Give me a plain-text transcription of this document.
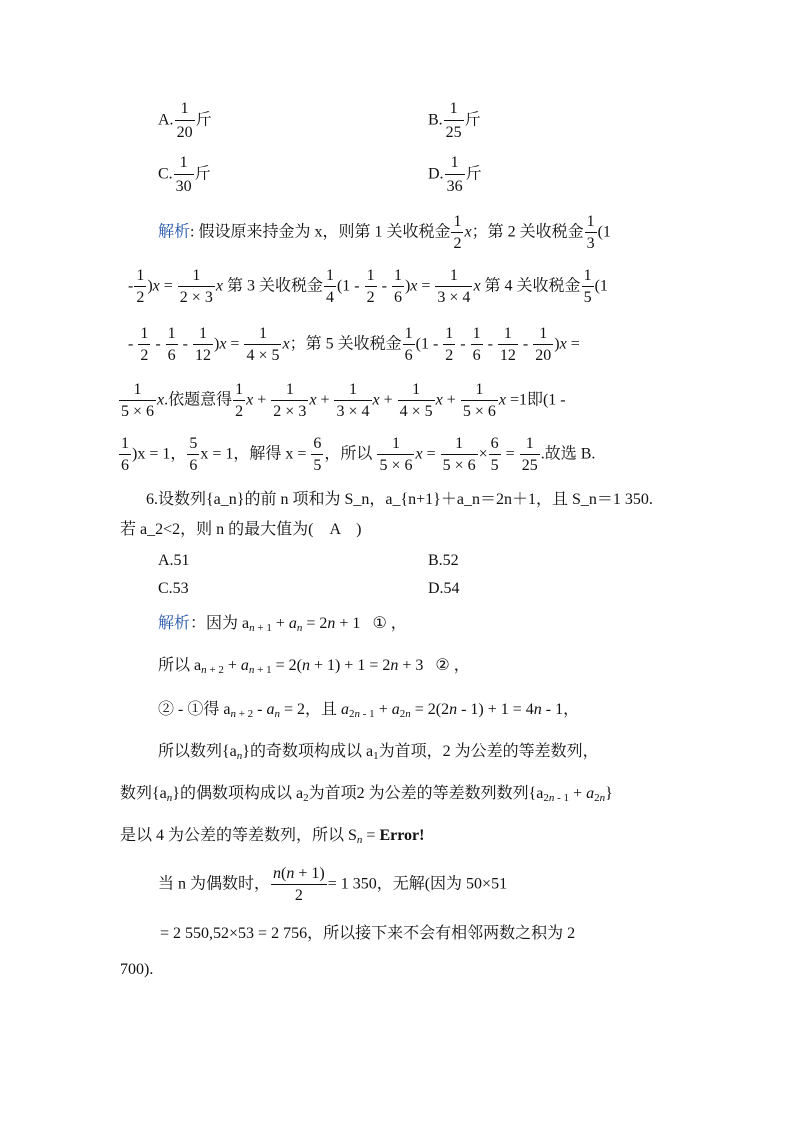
A. $\frac{1}{20}$ 斤	B. $\frac{1}{25}$ 斤
C. $\frac{1}{30}$ 斤	D. $\frac{1}{36}$ 斤
解析: 假设原来持金为 x，则第 1 关收税金 $\frac{1}{2}$ x；第 2 关收税金 $\frac{1}{3} (1$
- $\frac{1}{2} )x = \frac{1}{2 \times 3}$ x 第 3 关收税金 $\frac{1}{4} (1 - \frac{1}{2} - \frac{1}{6} )x = \frac{1}{3 \times 4}$ x 第 4 关收税金 $\frac{1}{5} (1$
- $\frac{1}{2} - \frac{1}{6} - \frac{1}{12} )x = \frac{1}{4 \times 5}$ x；第 5 关收税金 $\frac{1}{6} (1 - \frac{1}{2} - \frac{1}{6} - \frac{1}{12} - \frac{1}{20} )x$ =
$\frac{1}{5 \times 6} x$.依题意得 $\frac{1}{2}$ $x + \frac{1}{2 \times 3}$ $x + \frac{1}{3 \times 4}$ $x + \frac{1}{4 \times 5}$ $x + \frac{1}{5 \times 6}$ x =1即(1 -
$\frac{1}{6} )x = 1$， $\frac{5}{6}$ x = 1，解得 $x = \frac{6}{5}$ ，所以 $\frac{1}{5 \times 6}$ $x = \frac{1}{5 \times 6} \times \frac{6}{5} = \frac{1}{25}$ .故选 B.
6.设数列{a_n}的前 n 项和为 S_n，a_{n+1}＋a_n＝2n＋1，且 S_n＝1 350.
若 a_2<2，则 n 的最大值为(　A　)
A.51	B.52
C.53	D.54
解析：因为 $a_{n + 1} + a_n = 2n + 1$   ① ，
所以 $a_{n + 2} + a_{n + 1} = 2(n + 1) + 1 = 2n + 3$   ② ，
② - ①得 $a_{n + 2} - a_n = 2$，且 $a_{2n - 1} + a_{2n} = 2(2n - 1) + 1 = 4n - 1$，
所以数列$\{a_n\}$的奇数项构成以 $a_1$为首项，2 为公差的等差数列，
数列$\{a_n\}$的偶数项构成以 $a_2$为首项2 为公差的等差数列数列$\{a_{2n - 1} + a_{2n}\}$
是以 4 为公差的等差数列，所以 $S_n$ = Error!
当 n 为偶数时， $\frac{n(n + 1)}{2} = 1$ 350，无解(因为 50×51
= 2 550,52×53 = 2 756，所以接下来不会有相邻两数之积为 2
700).
